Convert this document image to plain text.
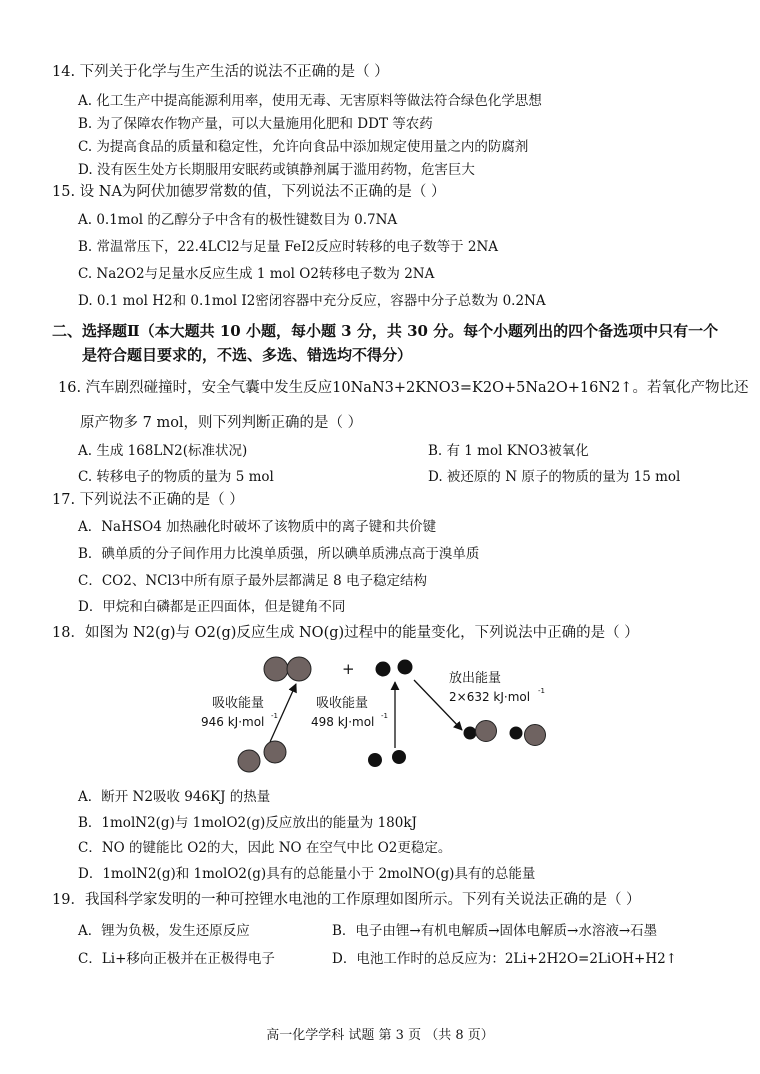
14. 下列关于化学与生产生活的说法不正确的是（ ）
A. 化工生产中提高能源利用率，使用无毒、无害原料等做法符合绿色化学思想
B. 为了保障农作物产量，可以大量施用化肥和 DDT 等农药
C. 为提高食品的质量和稳定性，允许向食品中添加规定使用量之内的防腐剂
D. 没有医生处方长期服用安眠药或镇静剂属于滥用药物，危害巨大
15. 设 NA为阿伏加德罗常数的值，下列说法不正确的是（ ）
A. 0.1mol 的乙醇分子中含有的极性键数目为 0.7NA
B. 常温常压下，22.4LCl2与足量 FeI2反应时转移的电子数等于 2NA
C. Na2O2与足量水反应生成 1 mol O2转移电子数为 2NA
D. 0.1 mol H2和 0.1mol I2密闭容器中充分反应，容器中分子总数为 0.2NA
二、选择题Ⅱ（本大题共 10 小题，每小题 3 分，共 30 分。每个小题列出的四个备选项中只有一个
是符合题目要求的，不选、多选、错选均不得分）
16. 汽车剧烈碰撞时，安全气囊中发生反应10NaN3+2KNO3=K2O+5Na2O+16N2↑。若氧化产物比还
原产物多 7 mol，则下列判断正确的是（ ）
A. 生成 168LN2(标准状况)	B. 有 1 mol KNO3被氧化
C. 转移电子的物质的量为 5 mol	D. 被还原的 N 原子的物质的量为 15 mol
17. 下列说法不正确的是（ ）
A．NaHSO4 加热融化时破坏了该物质中的离子键和共价键
B．碘单质的分子间作用力比溴单质强，所以碘单质沸点高于溴单质
C．CO2、NCl3中所有原子最外层都满足 8 电子稳定结构
D．甲烷和白磷都是正四面体，但是键角不同
18．如图为 N2(g)与 O2(g)反应生成 NO(g)过程中的能量变化，下列说法中正确的是（ ）
+
吸收能量
946 kJ·mol -1
吸收能量
498 kJ·mol -1
放出能量
2×632 kJ·mol -1
A．断开 N2吸收 946KJ 的热量
B．1molN2(g)与 1molO2(g)反应放出的能量为 180kJ
C．NO 的键能比 O2的大，因此 NO 在空气中比 O2更稳定。
D．1molN2(g)和 1molO2(g)具有的总能量小于 2molNO(g)具有的总能量
19．我国科学家发明的一种可控锂水电池的工作原理如图所示。下列有关说法正确的是（ ）
A．锂为负极，发生还原反应	B．电子由锂→有机电解质→固体电解质→水溶液→石墨
C．Li+移向正极并在正极得电子	D．电池工作时的总反应为：2Li+2H2O=2LiOH+H2↑
高一化学学科 试题 第 3 页 （共 8 页）
